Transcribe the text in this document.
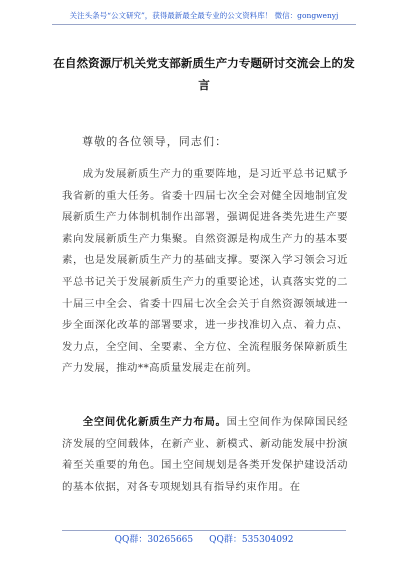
关注头条号“公文研究”，获得最新最全最专业的公文资料库！ 微信：gongwenyj
在自然资源厅机关党支部新质生产力专题研讨交流会上的发言
尊敬的各位领导，同志们：
成为发展新质生产力的重要阵地，是习近平总书记赋予我省新的重大任务。省委十四届七次全会对健全因地制宜发展新质生产力体制机制作出部署，强调促进各类先进生产要素向发展新质生产力集聚。自然资源是构成生产力的基本要素，也是发展新质生产力的基础支撑。要深入学习领会习近平总书记关于发展新质生产力的重要论述，认真落实党的二十届三中全会、省委十四届七次全会关于自然资源领域进一步全面深化改革的部署要求，进一步找准切入点、着力点、发力点，全空间、全要素、全方位、全流程服务保障新质生产力发展，推动**高质量发展走在前列。
全空间优化新质生产力布局。国土空间作为保障国民经济发展的空间载体，在新产业、新模式、新动能发展中扮演着至关重要的角色。国土空间规划是各类开发保护建设活动的基本依据，对各专项规划具有指导约束作用。在
QQ群：30265665 QQ群：535304092
